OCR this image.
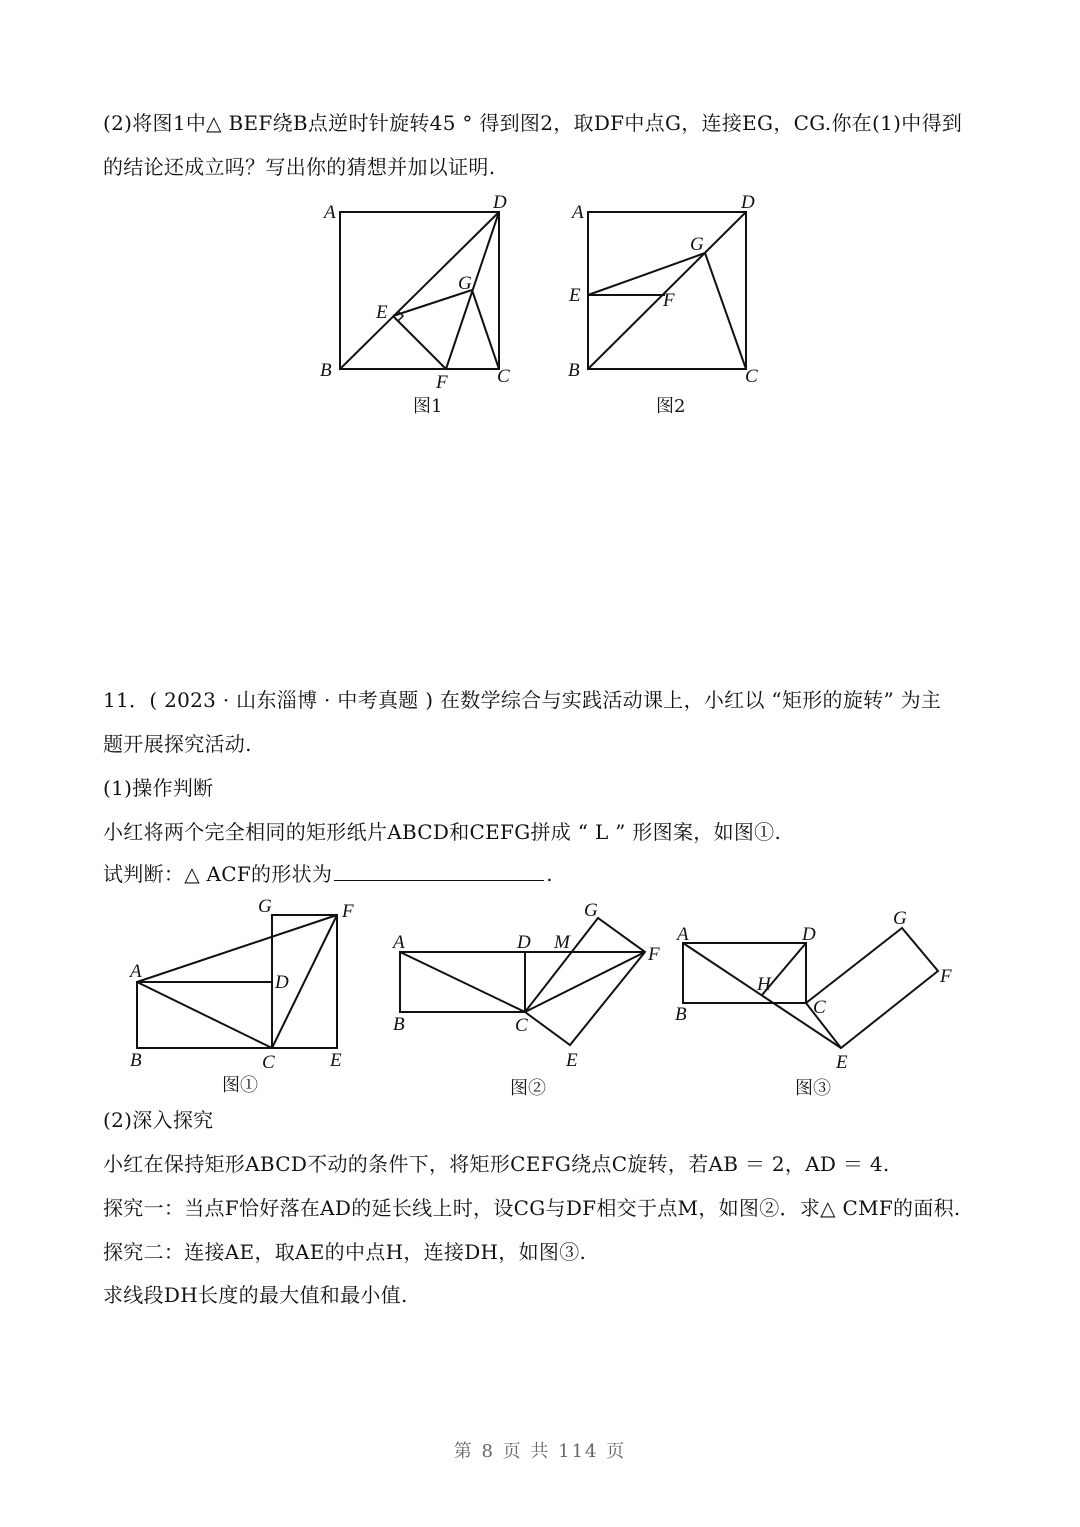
(2)将图1中△ BEF绕B点逆时针旋转45 ° 得到图2，取DF中点G，连接EG，CG.你在(1)中得到
的结论还成立吗？写出你的猜想并加以证明.
A	D
B	C
E
F
G
图1
A	D
B	C
E	F
G
图2
11．( 2023 · 山东淄博 · 中考真题 ) 在数学综合与实践活动课上，小红以 “矩形的旋转” 为主
题开展探究活动.
(1)操作判断
小红将两个完全相同的矩形纸片ABCD和CEFG拼成 “ L ” 形图案，如图①.
试判断：△ ACF的形状为	.
A
B	C
D
E
F
G
图①
A
B	C
D M
E
F
G
图②
A
B	C
D
H
E
F
G
图③
(2)深入探究
小红在保持矩形ABCD不动的条件下，将矩形CEFG绕点C旋转，若AB ＝ 2，AD ＝ 4.
探究一：当点F恰好落在AD的延长线上时，设CG与DF相交于点M，如图②．求△ CMF的面积.
探究二：连接AE，取AE的中点H，连接DH，如图③.
求线段DH长度的最大值和最小值.
第 8 页 共 114 页
